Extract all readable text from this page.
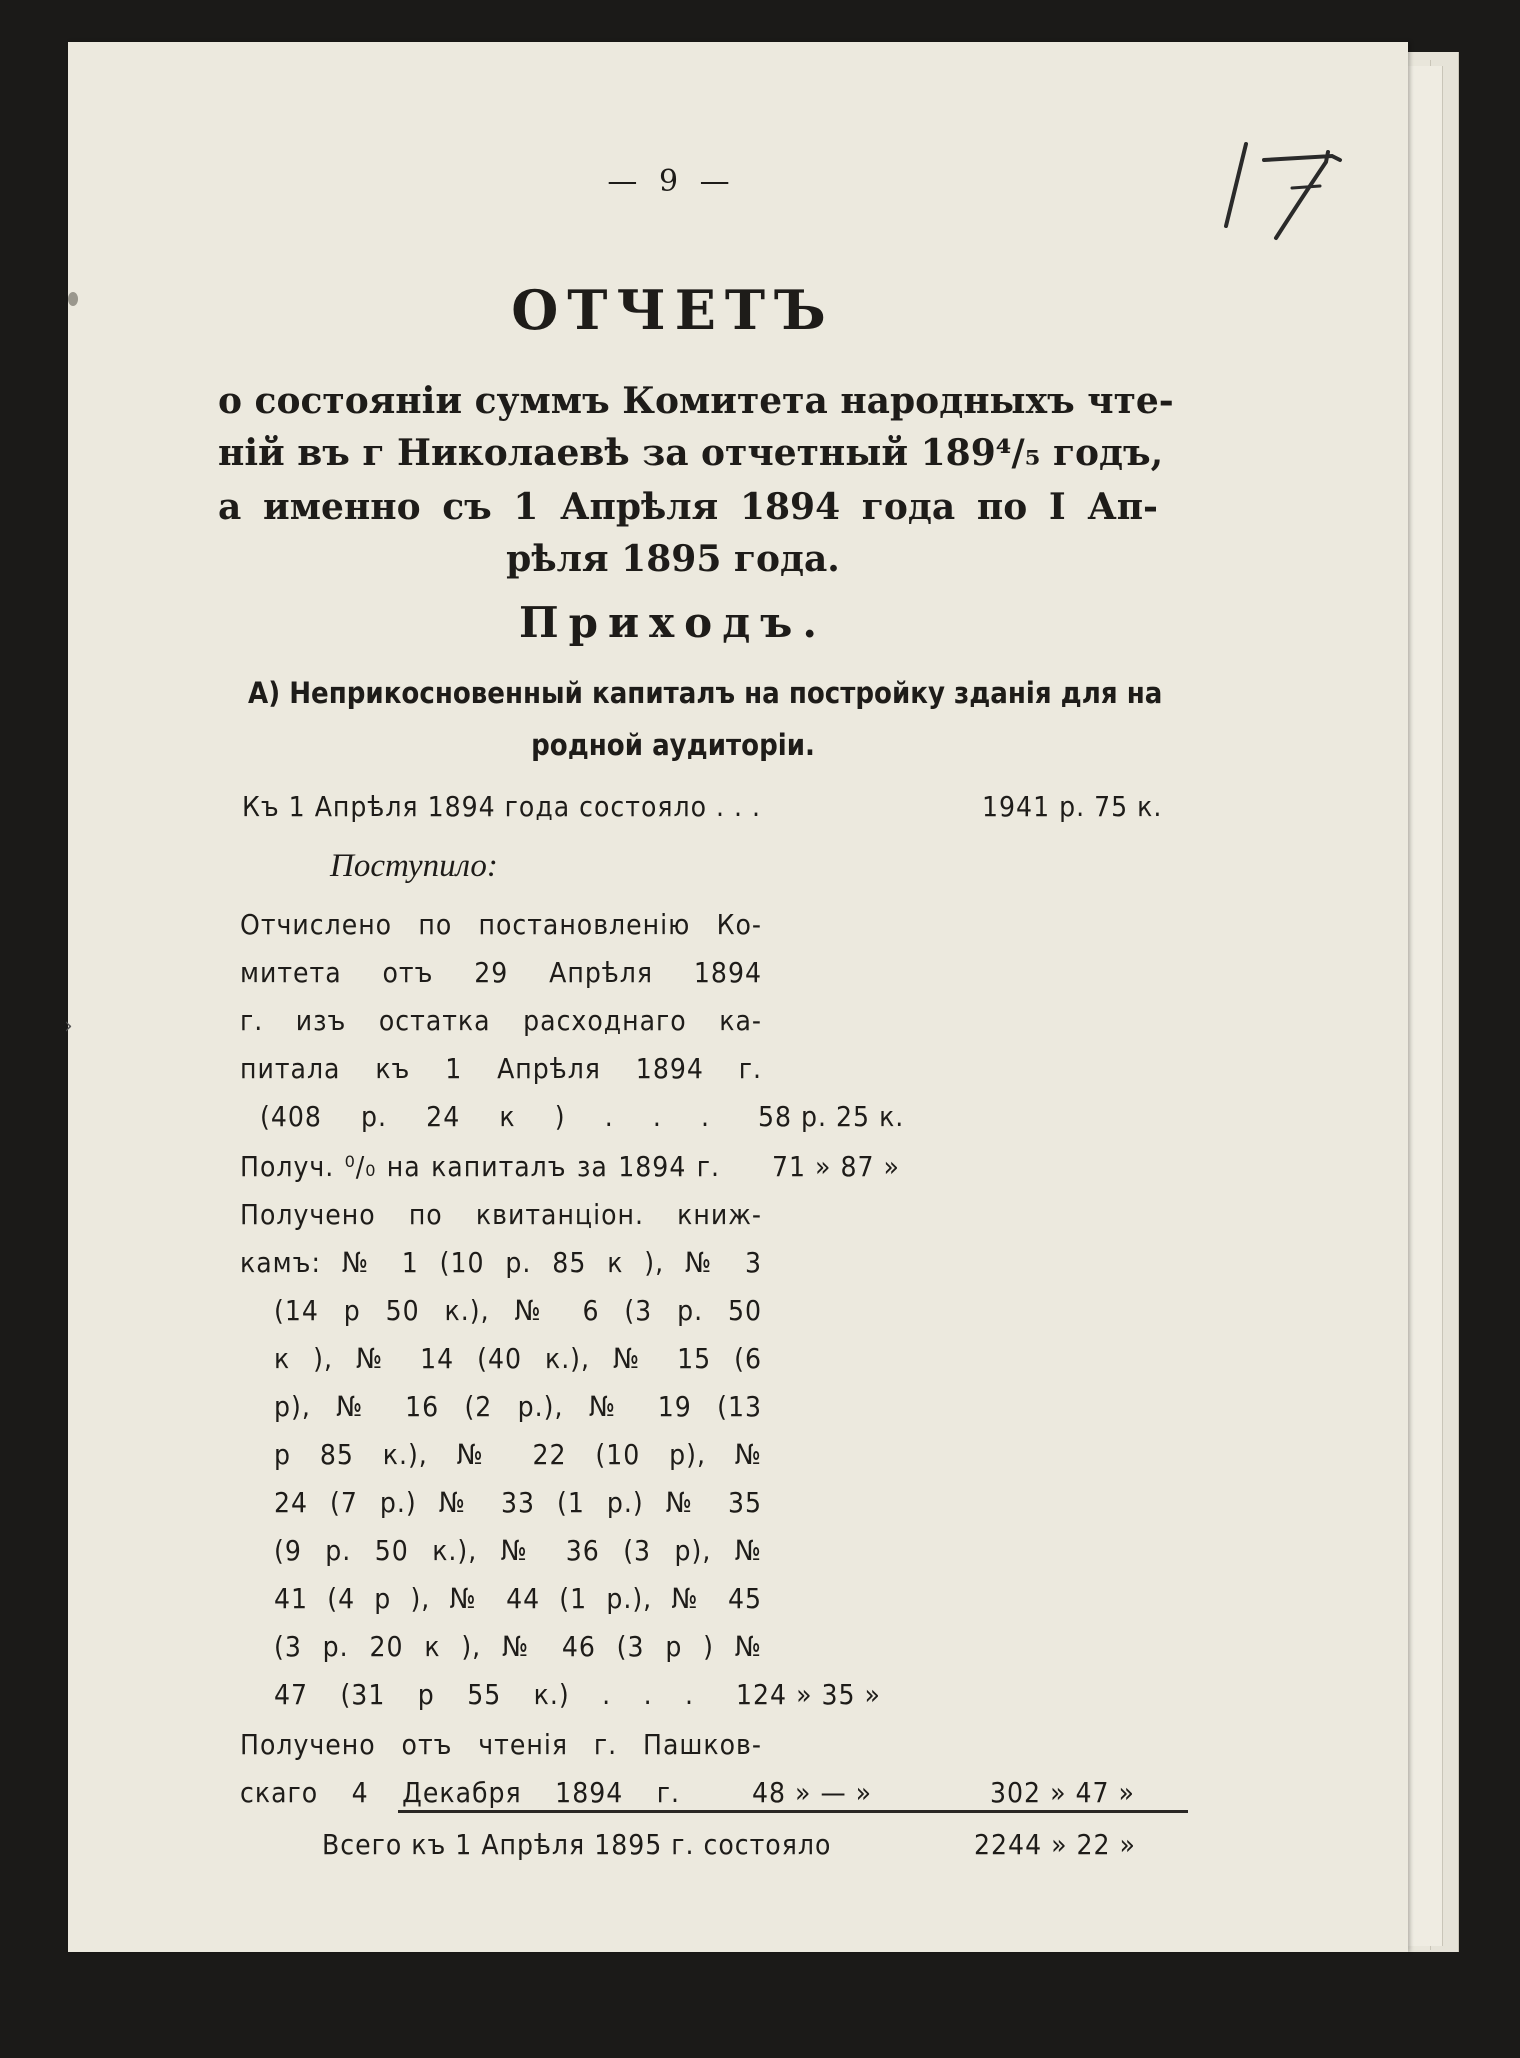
›
— 9 —
ОТЧЕТЪ
о состояніи суммъ Комитета народныхъ чте-
ній въ г Николаевѣ за отчетный 189⁴/₅ годъ,
а именно съ 1 Апрѣля 1894 года по I Ап-
рѣля 1895 года.
Приходъ.
А) Неприкосновенный капиталъ на постройку зданія для на
родной аудиторіи.
Къ 1 Апрѣля 1894 года состояло . . .	1941 р. 75 к.
Поступило:
Отчислено по постановленію Ко-
митета отъ 29 Апрѣля 1894
г. изъ остатка расходнаго ка-
питала къ 1 Апрѣля 1894 г.
(408 р. 24 к ) . . . 58 р. 25 к.
Получ. ⁰/₀ на капиталъ за 1894 г. 71 » 87 »
Получено по квитанціон. книж-
камъ: № 1 (10 р. 85 к ), № 3
(14 р 50 к.), № 6 (3 р. 50
к ), № 14 (40 к.), № 15 (6
р), № 16 (2 р.), № 19 (13
р 85 к.), № 22 (10 р), №
24 (7 р.) № 33 (1 р.) № 35
(9 р. 50 к.), № 36 (3 р), №
41 (4 р ), № 44 (1 р.), № 45
(3 р. 20 к ), № 46 (3 р ) №
47 (31 р 55 к.) . . . 124 » 35 »
Получено отъ чтенія г. Пашков-
скаго 4 Декабря 1894 г.	48 » — »	302 » 47 »
Всего къ 1 Апрѣля 1895 г. состояло	2244 » 22 »
